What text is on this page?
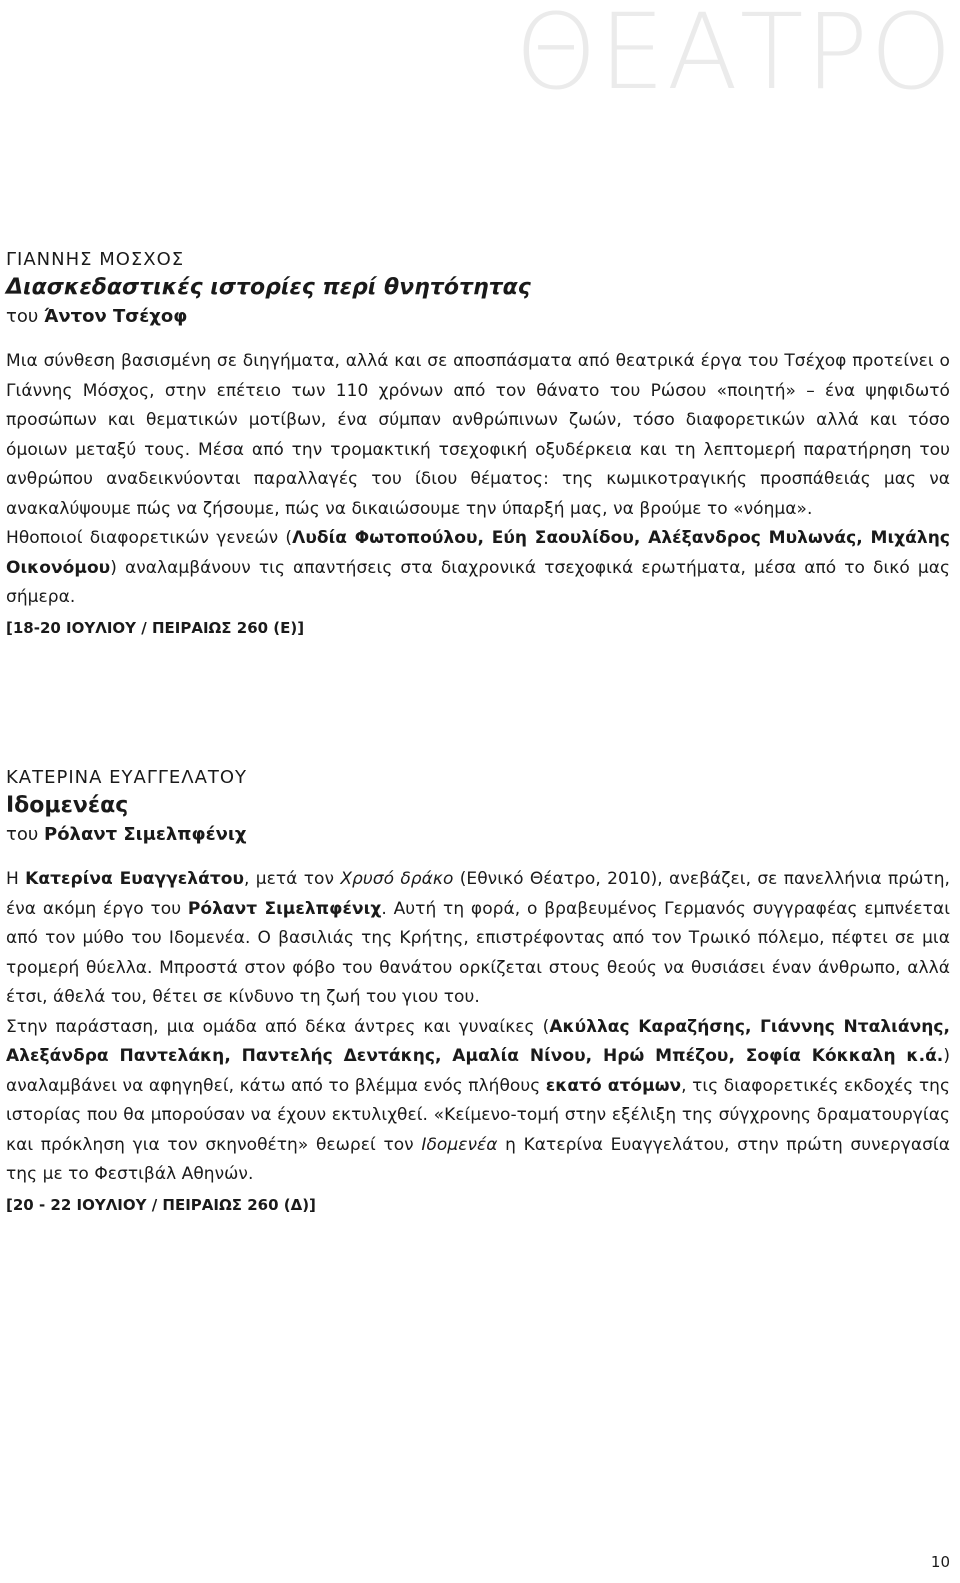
ΘΕΑΤΡΟ

ΓΙΑΝΝΗΣ ΜΟΣΧΟΣ

Διασκεδαστικές ιστορίες περί θνητότητας

του Άντον Τσέχοφ

Μια σύνθεση βασισμένη σε διηγήματα, αλλά και σε αποσπάσματα από θεατρικά έργα του Τσέχοφ προτείνει ο Γιάννης Μόσχος, στην επέτειο των 110 χρόνων από τον θάνατο του Ρώσου «ποιητή» – ένα ψηφιδωτό προσώπων και θεματικών μοτίβων, ένα σύμπαν ανθρώπινων ζωών, τόσο διαφορετικών αλλά και τόσο όμοιων μεταξύ τους. Μέσα από την τρομακτική τσεχοφική οξυδέρκεια και τη λεπτομερή παρατήρηση του ανθρώπου αναδεικνύονται παραλλαγές του ίδιου θέματος: της κωμικοτραγικής προσπάθειάς μας να ανακαλύψουμε πώς να ζήσουμε, πώς να δικαιώσουμε την ύπαρξή μας, να βρούμε το «νόημα».

Ηθοποιοί διαφορετικών γενεών (Λυδία Φωτοπούλου, Εύη Σαουλίδου, Αλέξανδρος Μυλωνάς, Μιχάλης Οικονόμου) αναλαμβάνουν τις απαντήσεις στα διαχρονικά τσεχοφικά ερωτήματα, μέσα από το δικό μας σήμερα.

[18-20 ΙΟΥΛΙΟΥ / ΠΕΙΡΑΙΩΣ 260 (Ε)]

ΚΑΤΕΡΙΝΑ ΕΥΑΓΓΕΛΑΤΟΥ

Ιδομενέας

του Ρόλαντ Σιμελπφένιχ

Η Κατερίνα Ευαγγελάτου, μετά τον Χρυσό δράκο (Εθνικό Θέατρο, 2010), ανεβάζει, σε πανελλήνια πρώτη, ένα ακόμη έργο του Ρόλαντ Σιμελπφένιχ. Αυτή τη φορά, ο βραβευμένος Γερμανός συγγραφέας εμπνέεται από τον μύθο του Ιδομενέα. Ο βασιλιάς της Κρήτης, επιστρέφοντας από τον Τρωικό πόλεμο, πέφτει σε μια τρομερή θύελλα. Μπροστά στον φόβο του θανάτου ορκίζεται στους θεούς να θυσιάσει έναν άνθρωπο, αλλά έτσι, άθελά του, θέτει σε κίνδυνο τη ζωή του γιου του.

Στην παράσταση, μια ομάδα από δέκα άντρες και γυναίκες (Ακύλλας Καραζήσης, Γιάννης Νταλιάνης, Αλεξάνδρα Παντελάκη, Παντελής Δεντάκης, Αμαλία Νίνου, Ηρώ Μπέζου, Σοφία Κόκκαλη κ.ά.) αναλαμβάνει να αφηγηθεί, κάτω από το βλέμμα ενός πλήθους εκατό ατόμων, τις διαφορετικές εκδοχές της ιστορίας που θα μπορούσαν να έχουν εκτυλιχθεί. «Κείμενο-τομή στην εξέλιξη της σύγχρονης δραματουργίας και πρόκληση για τον σκηνοθέτη» θεωρεί τον Ιδομενέα η Κατερίνα Ευαγγελάτου, στην πρώτη συνεργασία της με το Φεστιβάλ Αθηνών.

[20 - 22 ΙΟΥΛΙΟΥ / ΠΕΙΡΑΙΩΣ 260 (Δ)]

10
